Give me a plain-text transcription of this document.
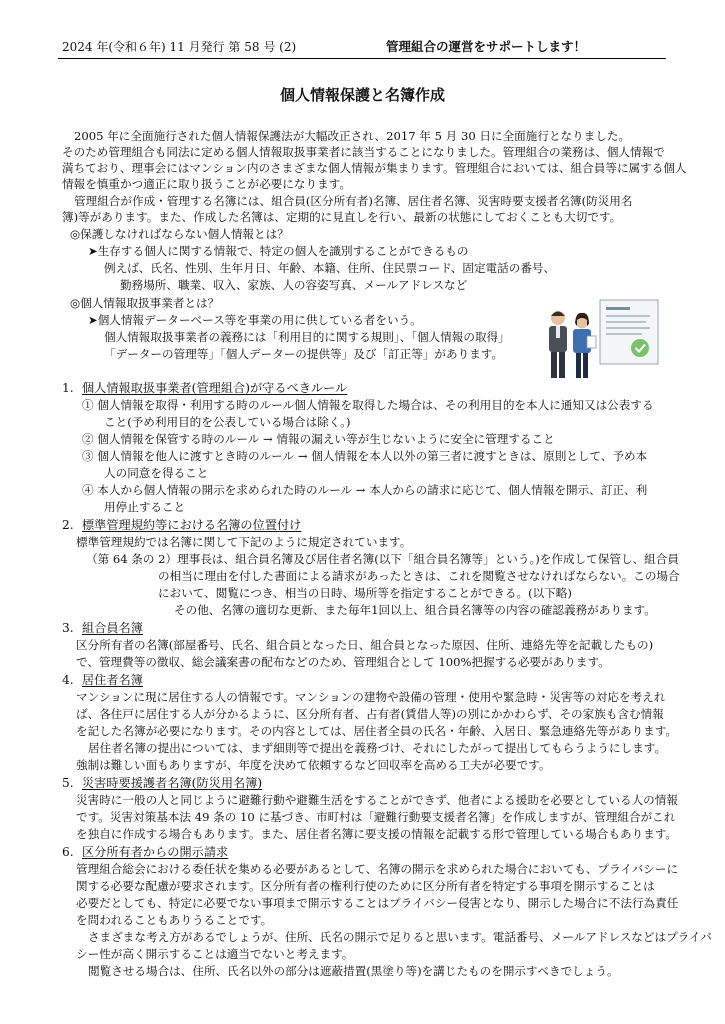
2024 年(令和６年) 11 月発行 第 58 号 (2)	管理組合の運営をサポートします！
個人情報保護と名簿作成
2005 年に全面施行された個人情報保護法が大幅改正され、2017 年 5 月 30 日に全面施行となりました。
そのため管理組合も同法に定める個人情報取扱事業者に該当することになりました。管理組合の業務は、個人情報で
満ちており、理事会にはマンション内のさまざまな個人情報が集まります。管理組合においては、組合員等に属する個人
情報を慎重かつ適正に取り扱うことが必要になります。
管理組合が作成・管理する名簿には、組合員(区分所有者)名簿、居住者名簿、災害時要支援者名簿(防災用名
簿)等があります。また、作成した名簿は、定期的に見直しを行い、最新の状態にしておくことも大切です。
◎保護しなければならない個人情報とは？
➤生存する個人に関する情報で、特定の個人を識別することができるもの
例えば、氏名、性別、生年月日、年齢、本籍、住所、住民票コード、固定電話の番号、
勤務場所、職業、収入、家族、人の容姿写真、メールアドレスなど
◎個人情報取扱事業者とは？
➤個人情報データーベース等を事業の用に供している者をいう。
個人情報取扱事業者の義務には「利用目的に関する規則」、「個人情報の取得」
「データーの管理等」「個人データーの提供等」及び「訂正等」があります。
1. 個人情報取扱事業者(管理組合)が守るべきルール
① 個人情報を取得・利用する時のルール個人情報を取得した場合は、その利用目的を本人に通知又は公表する
こと(予め利用目的を公表している場合は除く。)
② 個人情報を保管する時のルール → 情報の漏えい等が生じないように安全に管理すること
③ 個人情報を他人に渡すとき時のルール → 個人情報を本人以外の第三者に渡すときは、原則として、予め本
人の同意を得ること
④ 本人から個人情報の開示を求められた時のルール → 本人からの請求に応じて、個人情報を開示、訂正、利
用停止すること
2. 標準管理規約等における名簿の位置付け
標準管理規約では名簿に関して下記のように規定されています。
（第 64 条の 2）理事長は、組合員名簿及び居住者名簿(以下「組合員名簿等」という。)を作成して保管し、組合員
の相当に理由を付した書面による請求があったときは、これを閲覧させなければならない。この場合
において、閲覧につき、相当の日時、場所等を指定することができる。(以下略)
その他、名簿の適切な更新、また毎年1回以上、組合員名簿等の内容の確認義務があります。
3. 組合員名簿
区分所有者の名簿(部屋番号、氏名、組合員となった日、組合員となった原因、住所、連絡先等を記載したもの)
で、管理費等の徴収、総会議案書の配布などのため、管理組合として 100%把握する必要があります。
4. 居住者名簿
マンションに現に居住する人の情報です。マンションの建物や設備の管理・使用や緊急時・災害等の対応を考えれ
ば、各住戸に居住する人が分かるように、区分所有者、占有者(賃借人等)の別にかかわらず、その家族も含む情報
を記した名簿が必要になります。その内容としては、居住者全員の氏名・年齢、入居日、緊急連絡先等があります。
居住者名簿の提出については、まず細則等で提出を義務づけ、それにしたがって提出してもらうようにします。
強制は難しい面もありますが、年度を決めて依頼するなど回収率を高める工夫が必要です。
5. 災害時要援護者名簿(防災用名簿)
災害時に一般の人と同じように避難行動や避難生活をすることができず、他者による援助を必要としている人の情報
です。災害対策基本法 49 条の 10 に基づき、市町村は「避難行動要支援者名簿」を作成しますが、管理組合がこれ
を独自に作成する場合もあります。また、居住者名簿に要支援の情報を記載する形で管理している場合もあります。
6. 区分所有者からの開示請求
管理組合総会における委任状を集める必要があるとして、名簿の開示を求められた場合においても、プライバシーに
関する必要な配慮が要求されます。区分所有者の権利行使のために区分所有者を特定する事項を開示することは
必要だとしても、特定に必要でない事項まで開示することはプライバシー侵害となり、開示した場合に不法行為責任
を問われることもありうることです。
さまざまな考え方があるでしょうが、住所、氏名の開示で足りると思います。電話番号、メールアドレスなどはプライバ
シー性が高く開示することは適当でないと考えます。
閲覧させる場合は、住所、氏名以外の部分は遮蔽措置(黒塗り等)を講じたものを開示すべきでしょう。
